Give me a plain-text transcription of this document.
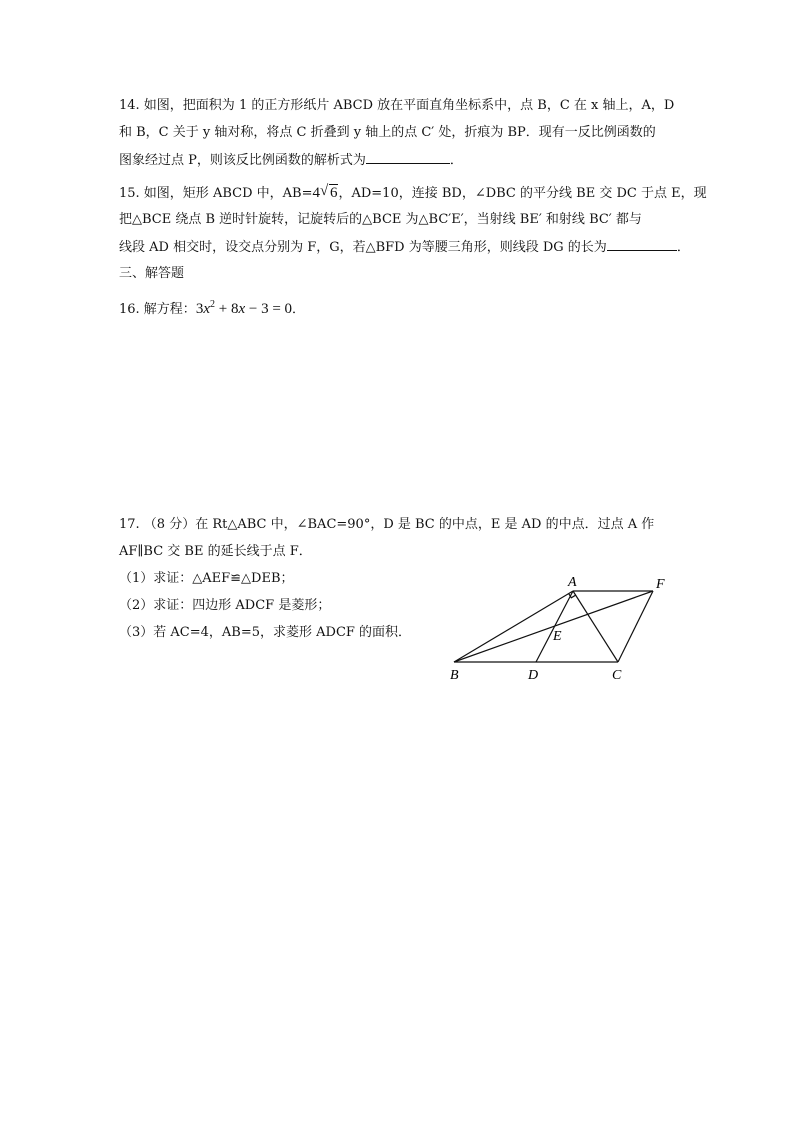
14. 如图，把面积为 1 的正方形纸片 ABCD 放在平面直角坐标系中，点 B，C 在 x 轴上，A，D
和 B，C 关于 y 轴对称，将点 C 折叠到 y 轴上的点 C′ 处，折痕为 BP．现有一反比例函数的
图象经过点 P，则该反比例函数的解析式为	．
15. 如图，矩形 ABCD 中，AB=4 √ 6，AD=10，连接 BD，∠DBC 的平分线 BE 交 DC 于点 E，现
把△BCE 绕点 B 逆时针旋转，记旋转后的△BCE 为△BC′E′，当射线 BE′ 和射线 BC′ 都与
线段 AD 相交时，设交点分别为 F，G，若△BFD 为等腰三角形，则线段 DG 的长为	．
三、解答题
16. 解方程：$3x^2 + 8x - 3 = 0$．
17. （8 分）在 Rt△ABC 中，∠BAC=90°，D 是 BC 的中点，E 是 AD 的中点．过点 A 作
AF∥BC 交 BE 的延长线于点 F．
（1）求证：△AEF≌△DEB；
（2）求证：四边形 ADCF 是菱形；
（3）若 AC=4，AB=5，求菱形 ADCF 的面积．
A	F
E
B	D	C
